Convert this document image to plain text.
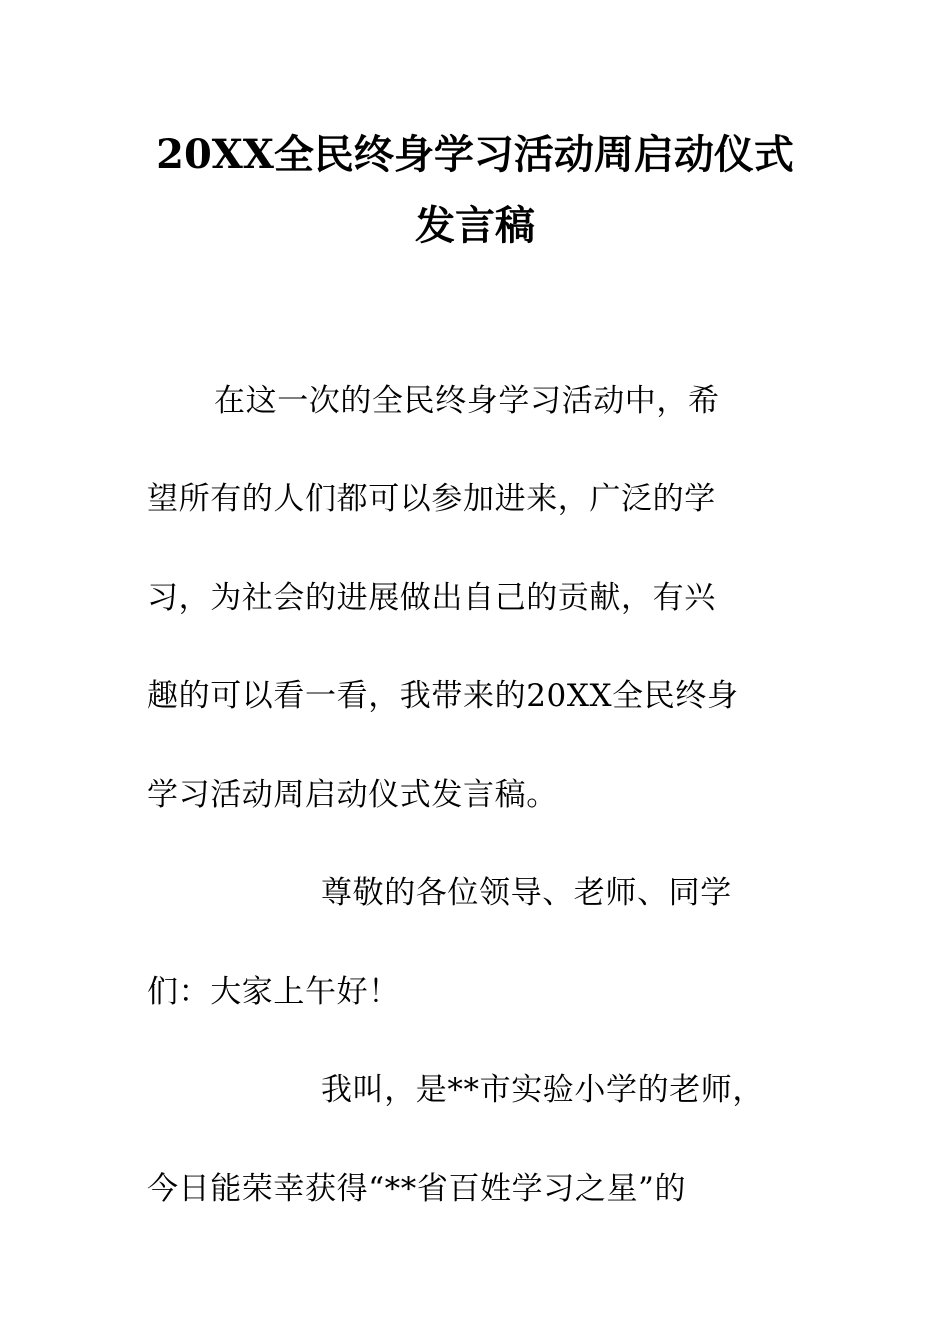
20XX全民终身学习活动周启动仪式
发言稿
在这一次的全民终身学习活动中，希
望所有的人们都可以参加进来，广泛的学
习，为社会的进展做出自己的贡献，有兴
趣的可以看一看，我带来的20XX全民终身
学习活动周启动仪式发言稿。
尊敬的各位领导、老师、同学
们：大家上午好！
我叫，是**市实验小学的老师，
今日能荣幸获得“**省百姓学习之星”的
